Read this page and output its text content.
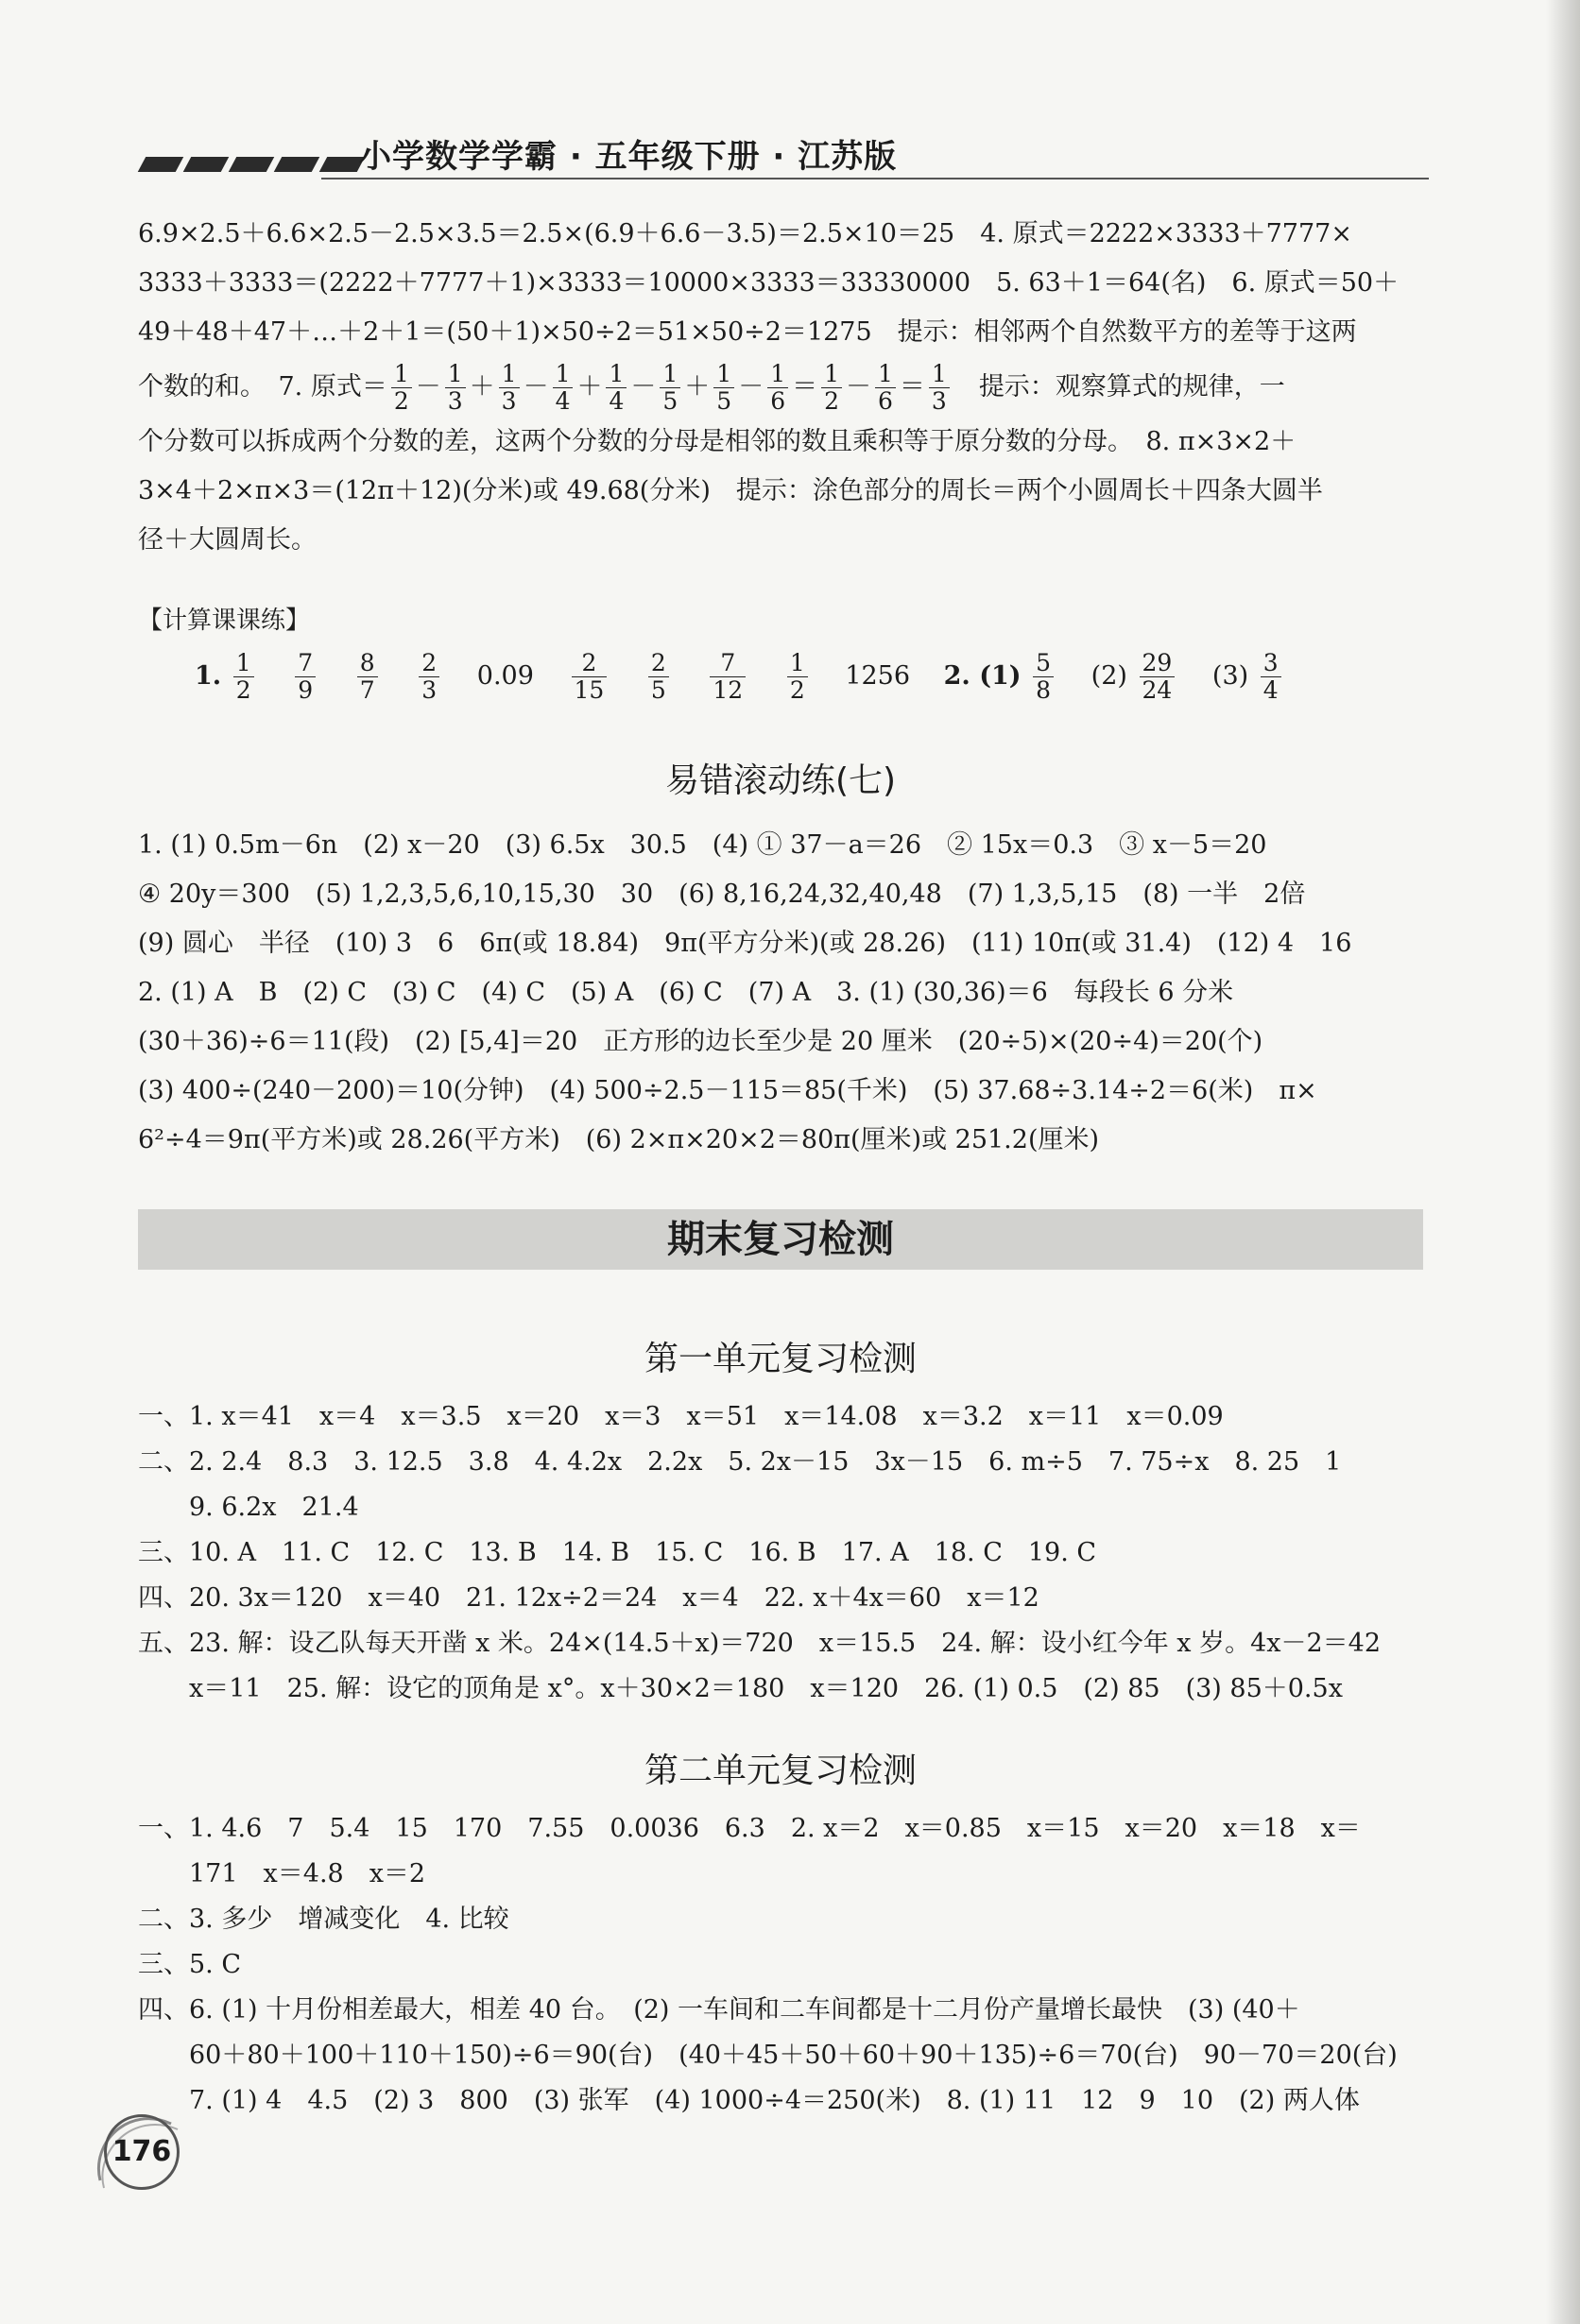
小学数学学霸 · 五年级下册 · 江苏版
6.9×2.5＋6.6×2.5－2.5×3.5＝2.5×(6.9＋6.6－3.5)＝2.5×10＝25　4. 原式＝2222×3333＋7777×
3333＋3333＝(2222＋7777＋1)×3333＝10000×3333＝33330000　5. 63＋1＝64(名)　6. 原式＝50＋
49＋48＋47＋…＋2＋1＝(50＋1)×50÷2＝51×50÷2＝1275　提示：相邻两个自然数平方的差等于这两
个数的和。　7. 原式＝ $\frac{1}{2} - \frac{1}{3} + \frac{1}{3} - \frac{1}{4} + \frac{1}{4} - \frac{1}{5} + \frac{1}{5} - \frac{1}{6} = \frac{1}{2} - \frac{1}{6} = \frac{1}{3}$
　 提示：观察算式的规律，一
个分数可以拆成两个分数的差，这两个分数的分母是相邻的数且乘积等于原分数的分母。　8. π×3×2＋
3×4＋2×π×3＝(12π＋12)(分米)或 49.68(分米)　提示：涂色部分的周长＝两个小圆周长＋四条大圆半
径＋大圆周长。
【计算课课练】
1. $\frac{1}{2}$
　 $\frac{7}{9}$
　 $\frac{8}{7}$
　 $\frac{2}{3}$
　 0.09　 $\frac{2}{15}$
　 $\frac{2}{5}$
　 $\frac{7}{12}$
　 $\frac{1}{2}$
　 1256　 2. $(1) \frac{5}{8}$
　 $(2) \frac{29}{24}$
　 $(3) \frac{3}{4}$
易错滚动练(七)
1. (1) 0.5m－6n　(2) x－20　(3) 6.5x　30.5　(4) ① 37－a＝26　② 15x＝0.3　③ x－5＝20
④ 20y＝300　(5) 1,2,3,5,6,10,15,30　30　(6) 8,16,24,32,40,48　(7) 1,3,5,15　(8) 一半　2倍
(9) 圆心　半径　(10) 3　6　6π(或 18.84)　9π(平方分米)(或 28.26)　(11) 10π(或 31.4)　(12) 4　16
2. (1) A　B　(2) C　(3) C　(4) C　(5) A　(6) C　(7) A　3. (1) (30,36)＝6　每段长 6 分米
(30＋36)÷6＝11(段)　(2) [5,4]＝20　正方形的边长至少是 20 厘米　(20÷5)×(20÷4)＝20(个)
(3) 400÷(240－200)＝10(分钟)　(4) 500÷2.5－115＝85(千米)　(5) 37.68÷3.14÷2＝6(米)　π×
6²÷4＝9π(平方米)或 28.26(平方米)　(6) 2×π×20×2＝80π(厘米)或 251.2(厘米)
期末复习检测
第一单元复习检测
一、1. x＝41　x＝4　x＝3.5　x＝20　x＝3　x＝51　x＝14.08　x＝3.2　x＝11　x＝0.09
二、2. 2.4　8.3　3. 12.5　3.8　4. 4.2x　2.2x　5. 2x－15　3x－15　6. m÷5　7. 75÷x　8. 25　1
　　9. 6.2x　21.4
三、10. A　11. C　12. C　13. B　14. B　15. C　16. B　17. A　18. C　19. C
四、20. 3x＝120　x＝40　21. 12x÷2＝24　x＝4　22. x＋4x＝60　x＝12
五、23. 解：设乙队每天开凿 x 米。24×(14.5＋x)＝720　x＝15.5　24. 解：设小红今年 x 岁。4x－2＝42
　　x＝11　25. 解：设它的顶角是 x°。x＋30×2＝180　x＝120　26. (1) 0.5　(2) 85　(3) 85＋0.5x
第二单元复习检测
一、1. 4.6　7　5.4　15　170　7.55　0.0036　6.3　2. x＝2　x＝0.85　x＝15　x＝20　x＝18　x＝
　　171　x＝4.8　x＝2
二、3. 多少　增减变化　4. 比较
三、5. C
四、6. (1) 十月份相差最大，相差 40 台。　(2) 一车间和二车间都是十二月份产量增长最快　(3) (40＋
　　60＋80＋100＋110＋150)÷6＝90(台)　(40＋45＋50＋60＋90＋135)÷6＝70(台)　90－70＝20(台)
　　7. (1) 4　4.5　(2) 3　800　(3) 张军　(4) 1000÷4＝250(米)　8. (1) 11　12　9　10　(2) 两人体
176
